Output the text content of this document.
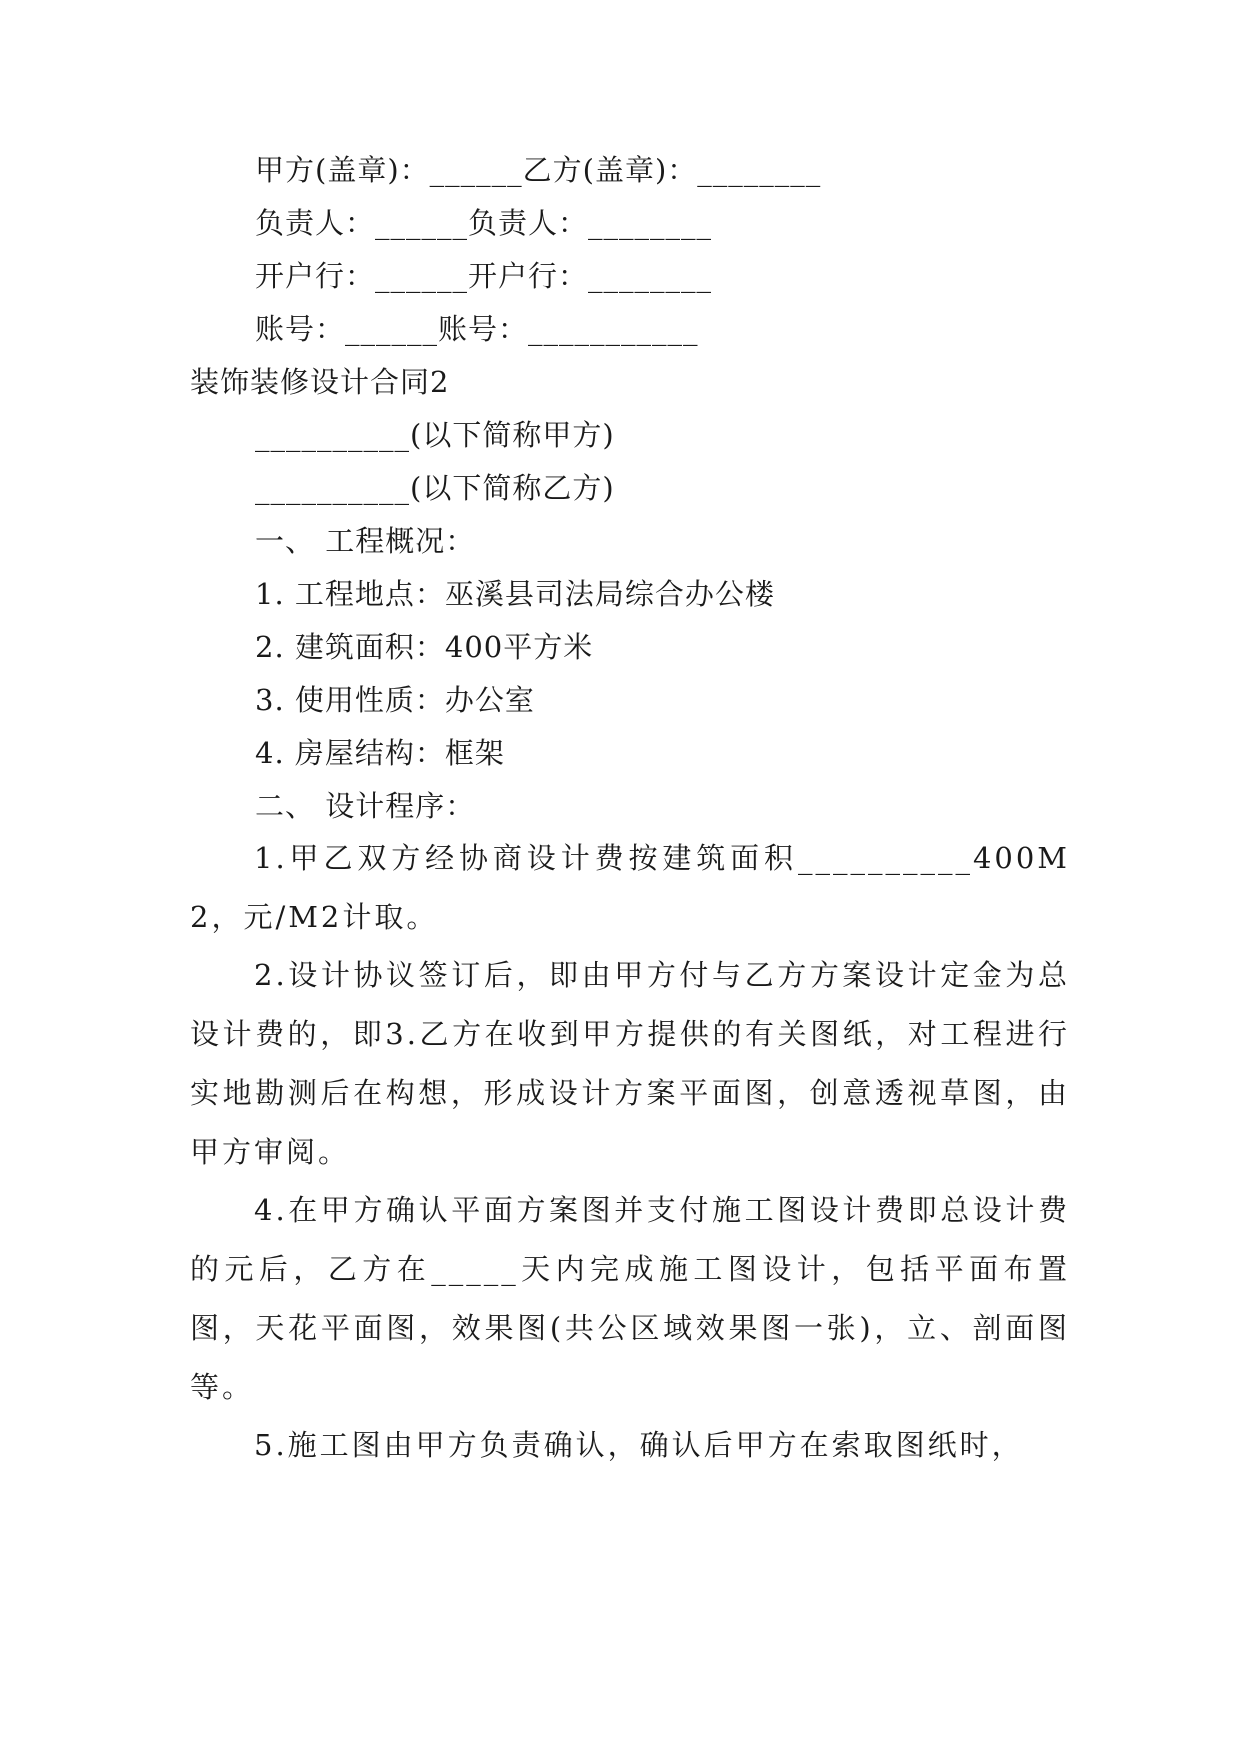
甲方(盖章)：______乙方(盖章)：________
负责人：______负责人：________
开户行：______开户行：________
账号：______账号：___________
装饰装修设计合同2
__________(以下简称甲方)
__________(以下简称乙方)
一、 工程概况：
1. 工程地点：巫溪县司法局综合办公楼
2. 建筑面积：400平方米
3. 使用性质：办公室
4. 房屋结构：框架
二、 设计程序：
1.甲乙双方经协商设计费按建筑面积__________400M2，元/M2计取。
2.设计协议签订后，即由甲方付与乙方方案设计定金为总设计费的，即3.乙方在收到甲方提供的有关图纸，对工程进行实地勘测后在构想，形成设计方案平面图，创意透视草图，由甲方审阅。
4.在甲方确认平面方案图并支付施工图设计费即总设计费的元后，乙方在_____天内完成施工图设计，包括平面布置图，天花平面图，效果图(共公区域效果图一张)，立、剖面图等。
5.施工图由甲方负责确认，确认后甲方在索取图纸时，
